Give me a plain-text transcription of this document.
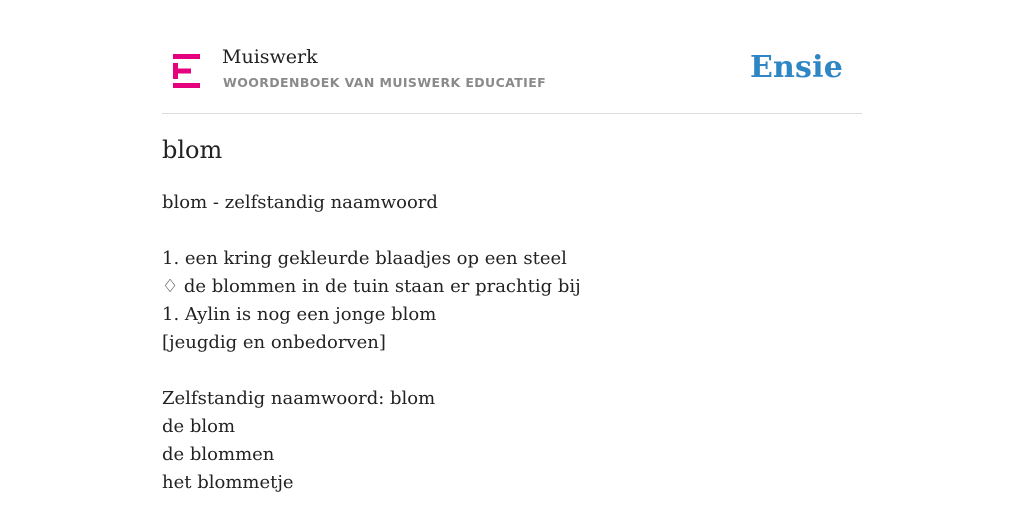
Muiswerk
WOORDENBOEK VAN MUISWERK EDUCATIEF	Ensie
blom
blom - zelfstandig naamwoord
1. een kring gekleurde blaadjes op een steel
♢ de blommen in de tuin staan er prachtig bij
1. Aylin is nog een jonge blom
[jeugdig en onbedorven]
Zelfstandig naamwoord: blom
de blom
de blommen
het blommetje
